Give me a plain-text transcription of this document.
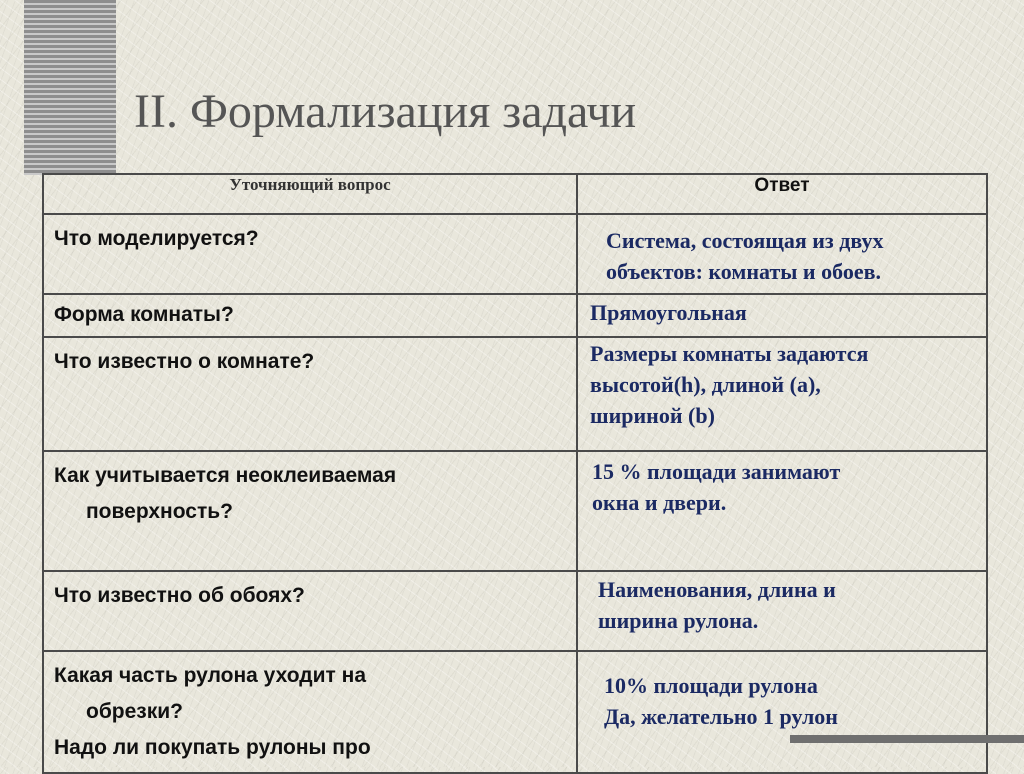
II. Формализация задачи
Уточняющий вопрос	Ответ

Что моделируется?	Система, состоящая из двух
объектов: комнаты и обоев.

Форма комнаты?	Прямоугольная

Что известно о комнате?	Размеры комнаты задаются
высотой(h), длиной (a),
шириной (b)

Как учитывается неоклеиваемая
поверхность?	15 % площади занимают
окна и двери.

Что известно об обоях?	Наименования, длина и
ширина рулона.

Какая часть рулона уходит на
обрезки?
Надо ли покупать рулоны про	10% площади рулона
Да, желательно 1 рулон
